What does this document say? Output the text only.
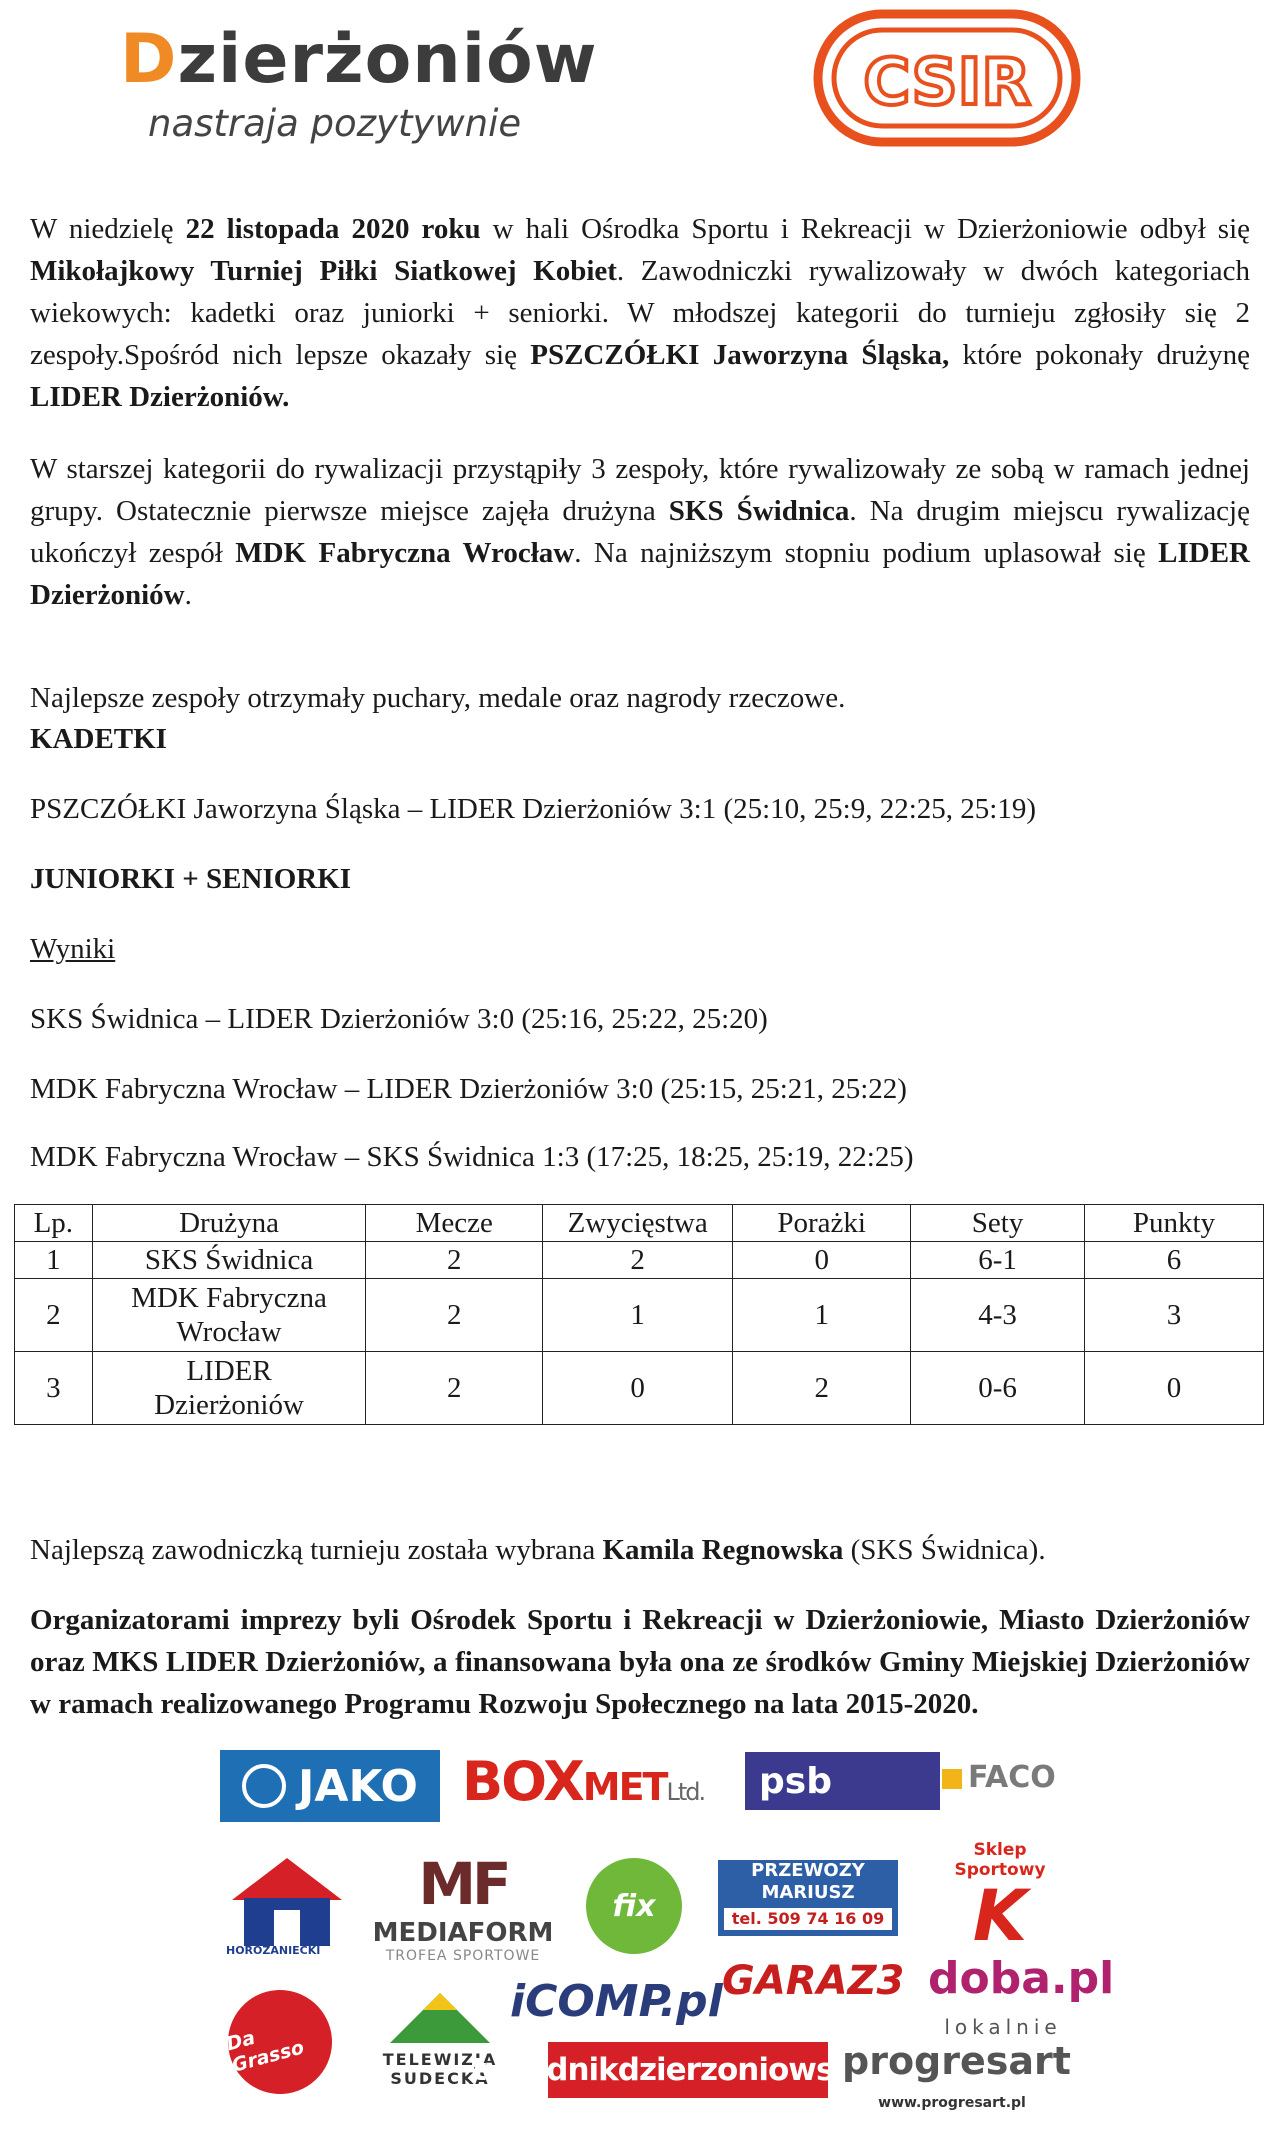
Dzierżoniów
nastraja pozytywnie
CSIR

W niedzielę 22 listopada 2020 roku w hali Ośrodka Sportu i Rekreacji w Dzierżoniowie odbył się Mikołajkowy Turniej Piłki Siatkowej Kobiet. Zawodniczki rywalizowały w dwóch kategoriach wiekowych: kadetki oraz juniorki + seniorki. W młodszej kategorii do turnieju zgłosiły się 2 zespoły.Spośród nich lepsze okazały się PSZCZÓŁKI Jaworzyna Śląska, które pokonały drużynę LIDER Dzierżoniów.

W starszej kategorii do rywalizacji przystąpiły 3 zespoły, które rywalizowały ze sobą w ramach jednej grupy. Ostatecznie pierwsze miejsce zajęła drużyna SKS Świdnica. Na drugim miejscu rywalizację ukończył zespół MDK Fabryczna Wrocław. Na najniższym stopniu podium uplasował się LIDER Dzierżoniów.

Najlepsze zespoły otrzymały puchary, medale oraz nagrody rzeczowe.

KADETKI
PSZCZÓŁKI Jaworzyna Śląska – LIDER Dzierżoniów 3:1 (25:10, 25:9, 22:25, 25:19)
JUNIORKI + SENIORKI
Wyniki
SKS Świdnica – LIDER Dzierżoniów 3:0 (25:16, 25:22, 25:20)
MDK Fabryczna Wrocław – LIDER Dzierżoniów 3:0 (25:15, 25:21, 25:22)
MDK Fabryczna Wrocław – SKS Świdnica 1:3 (17:25, 18:25, 25:19, 22:25)
Lp.	Drużyna	Mecze	Zwycięstwa	Porażki	Sety	Punkty
1	SKS Świdnica	2	2	0	6-1	6
2	MDK Fabryczna
Wrocław	2	1	1	4-3	3
3	LIDER
Dzierżoniów	2	0	2	0-6	0

Najlepszą zawodniczką turnieju została wybrana Kamila Regnowska (SKS Świdnica).

Organizatorami imprezy byli Ośrodek Sportu i Rekreacji w Dzierżoniowie, Miasto Dzierżoniów oraz MKS LIDER Dzierżoniów, a finansowana była ona ze środków Gminy Miejskiej Dzierżoniów w ramach realizowanego Programu Rozwoju Społecznego na lata 2015-2020.

JAKO BOXMETLtd.	psb	FACO
HOROZANIECKI
MF
MEDIAFORM
TROFEA SPORTOWE
fix
PRZEWOZY
MARIUSZ
tel. 509 74 16 09
Sklep Sportowy
K
Da Grasso	TELEWIZJA
SUDECKA
iCOMP.pl GARAZ3 doba.pl
lokalnie
tygodnikdzierzoniowski.pl
progresart
www.progresart.pl
